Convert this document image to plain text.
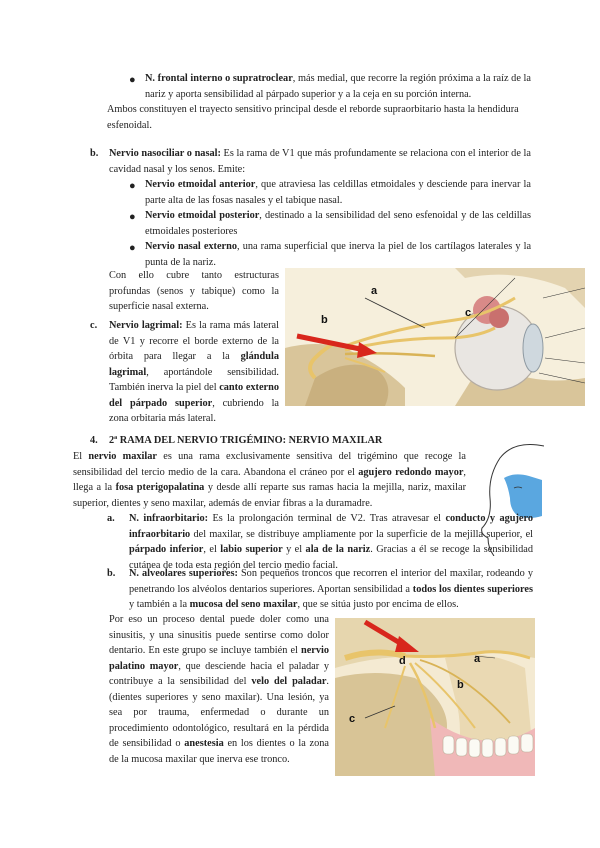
● N. frontal interno o supratroclear, más medial, que recorre la región próxima a la raíz de la nariz y aporta sensibilidad al párpado superior y a la ceja en su porción interna.
Ambos constituyen el trayecto sensitivo principal desde el reborde supraorbitario hasta la hendidura esfenoidal.
b. Nervio nasociliar o nasal: Es la rama de V1 que más profundamente se relaciona con el interior de la cavidad nasal y los senos. Emite:
● Nervio etmoidal anterior, que atraviesa las celdillas etmoidales y desciende para inervar la parte alta de las fosas nasales y el tabique nasal.
● Nervio etmoidal posterior, destinado a la sensibilidad del seno esfenoidal y de las celdillas etmoidales posteriores
● Nervio nasal externo, una rama superficial que inerva la piel de los cartílagos laterales y la punta de la nariz.
Con ello cubre tanto estructuras profundas (senos y tabique) como la superficie nasal externa.
c. Nervio lagrimal: Es la rama más lateral de V1 y recorre el borde externo de la órbita para llegar a la glándula lagrimal, aportándole sensibilidad. También inerva la piel del canto externo del párpado superior, cubriendo la zona orbitaria más lateral.
a
b
c
4. 2ª RAMA DEL NERVIO TRIGÉMINO: NERVIO MAXILAR
El nervio maxilar es una rama exclusivamente sensitiva del trigémino que recoge la sensibilidad del tercio medio de la cara. Abandona el cráneo por el agujero redondo mayor, llega a la fosa pterigopalatina y desde allí reparte sus ramas hacia la mejilla, nariz, maxilar superior, dientes y seno maxilar, además de enviar fibras a la duramadre.
a. N. infraorbitario: Es la prolongación terminal de V2. Tras atravesar el conducto y agujero infraorbitario del maxilar, se distribuye ampliamente por la superficie de la mejilla superior, el párpado inferior, el labio superior y el ala de la nariz. Gracias a él se recoge la sensibilidad cutánea de toda esta región del tercio medio facial.
b. N. alveolares superiores: Son pequeños troncos que recorren el interior del maxilar, rodeando y penetrando los alvéolos dentarios superiores. Aportan sensibilidad a todos los dientes superiores y también a la mucosa del seno maxilar, que se sitúa justo por encima de ellos.
Por eso un proceso dental puede doler como una sinusitis, y una sinusitis puede sentirse como dolor dentario. En este grupo se incluye también el nervio palatino mayor, que desciende hacia el paladar y contribuye a la sensibilidad del velo del paladar. (dientes superiores y seno maxilar). Una lesión, ya sea por trauma, enfermedad o durante un procedimiento odontológico, resultará en la pérdida de sensibilidad o anestesia en los dientes o la zona de la mucosa maxilar que inerva ese tronco.
a
b
c
d
